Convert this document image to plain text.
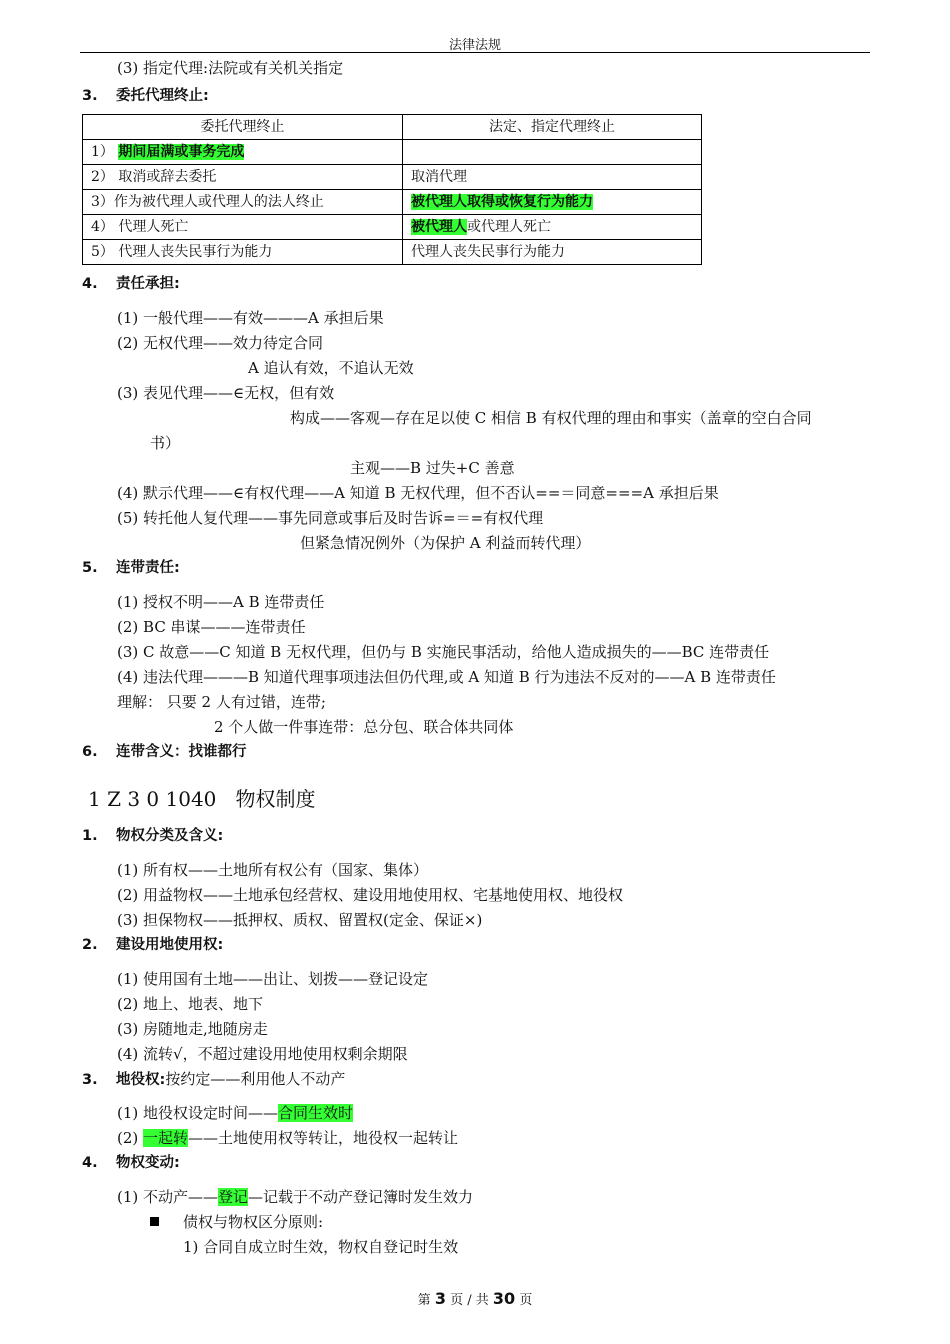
法律法规
(3) 指定代理:法院或有关机关指定
3. 委托代理终止:
委托代理终止	法定、指定代理终止
1） 期间届满或事务完成	
2） 取消或辞去委托	取消代理
3）作为被代理人或代理人的法人终止	被代理人取得或恢复行为能力
4） 代理人死亡	被代理人或代理人死亡
5） 代理人丧失民事行为能力	代理人丧失民事行为能力
4. 责任承担:
(1) 一般代理——有效———A 承担后果
(2) 无权代理——效力待定合同
A 追认有效，不追认无效
(3) 表见代理——∈无权，但有效
构成——客观—存在足以使 C 相信 B 有权代理的理由和事实（盖章的空白合同
书）
主观——B 过失+C 善意
(4) 默示代理——∈有权代理——A 知道 B 无权代理，但不否认==＝同意===A 承担后果
(5) 转托他人复代理——事先同意或事后及时告诉=＝=有权代理
但紧急情况例外（为保护 A 利益而转代理）
5. 连带责任:
(1) 授权不明——A B 连带责任
(2) BC 串谋———连带责任
(3) C 故意——C 知道 B 无权代理，但仍与 B 实施民事活动，给他人造成损失的——BC 连带责任
(4) 违法代理———B 知道代理事项违法但仍代理,或 A 知道 B 行为违法不反对的——A B 连带责任
理解： 只要 2 人有过错，连带;
2 个人做一件事连带：总分包、联合体共同体
6. 连带含义：找谁都行
1 Z 3 0 1040 物权制度
1. 物权分类及含义:
(1) 所有权——土地所有权公有（国家、集体）
(2) 用益物权——土地承包经营权、建设用地使用权、宅基地使用权、地役权
(3) 担保物权——抵押权、质权、留置权(定金、保证×)
2. 建设用地使用权:
(1) 使用国有土地——出让、划拨——登记设定
(2) 地上、地表、地下
(3) 房随地走,地随房走
(4) 流转√，不超过建设用地使用权剩余期限
3. 地役权:按约定——利用他人不动产
(1) 地役权设定时间——合同生效时
(2) 一起转——土地使用权等转让，地役权一起转让
4. 物权变动:
(1) 不动产——登记—记载于不动产登记簿时发生效力
债权与物权区分原则:
1) 合同自成立时生效，物权自登记时生效
第 3 页 / 共 30 页
